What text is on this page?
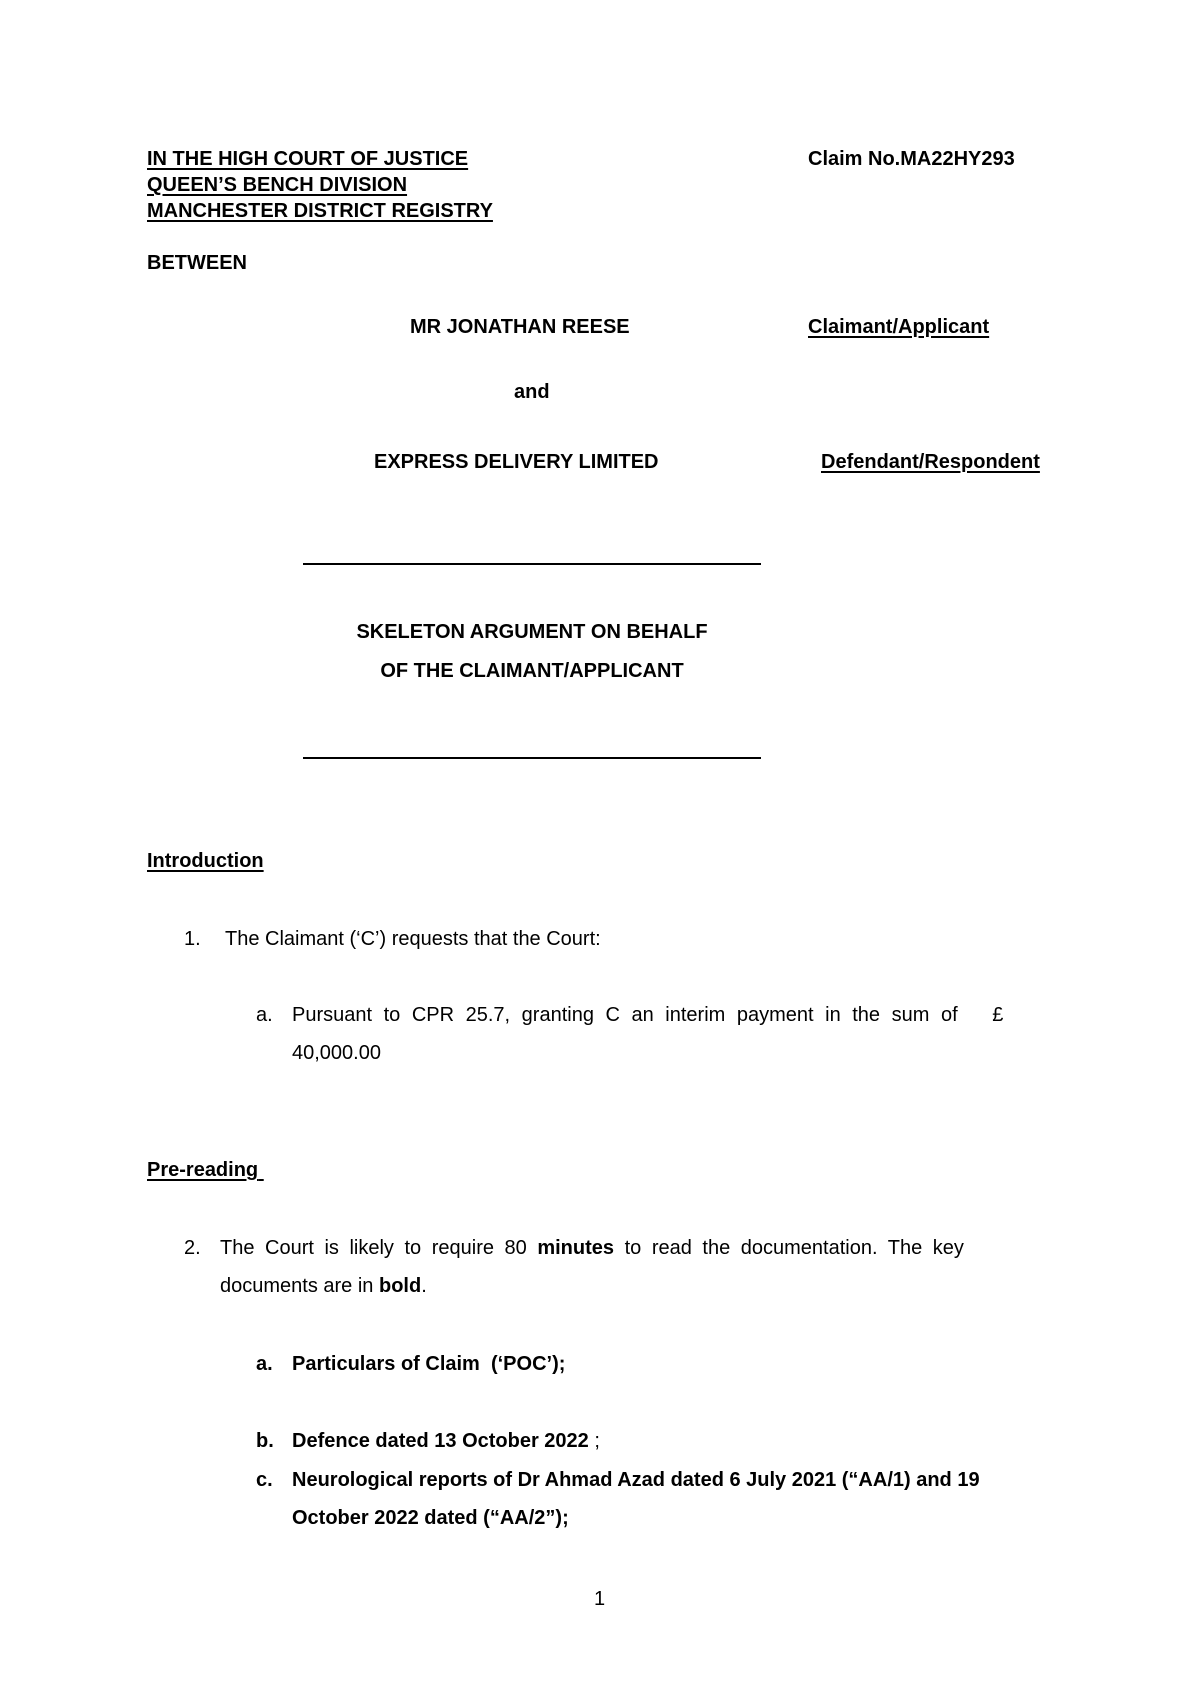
IN THE HIGH COURT OF JUSTICE
QUEEN’S BENCH DIVISION
MANCHESTER DISTRICT REGISTRY
Claim No.MA22HY293
BETWEEN
MR JONATHAN REESE	Claimant/Applicant
and
EXPRESS DELIVERY LIMITED	Defendant/Respondent
SKELETON ARGUMENT ON BEHALF
OF THE CLAIMANT/APPLICANT
Introduction
1. The Claimant (‘C’) requests that the Court:
a. Pursuant to CPR 25.7, granting C an interim payment in the sum of   £
40,000.00
Pre-reading
2. The Court is likely to require 80 minutes to read the documentation. The key
documents are in bold.
a. Particulars of Claim  (‘POC’);
b. Defence dated 13 October 2022 ;
c. Neurological reports of Dr Ahmad Azad dated 6 July 2021 (“AA/1) and 19
October 2022 dated (“AA/2”);
1
